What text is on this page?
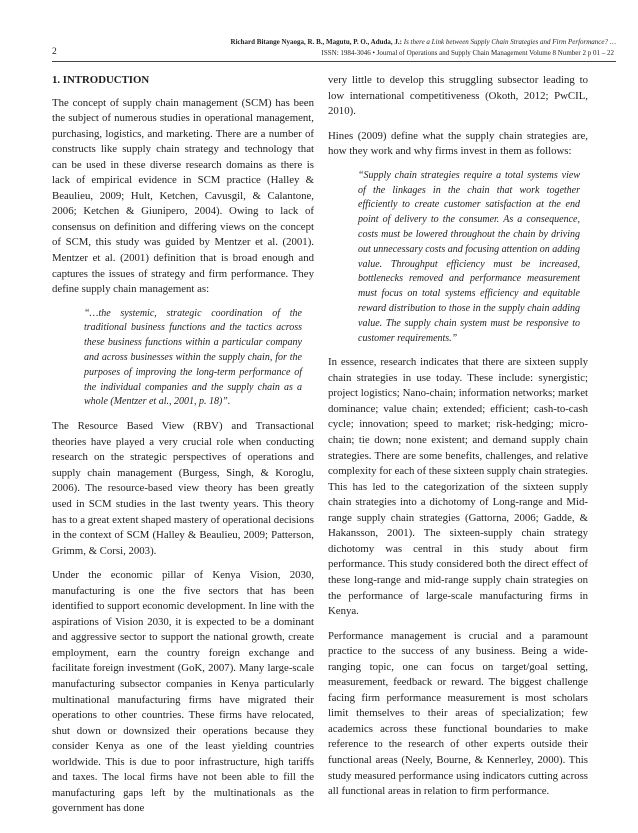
Richard Bitange Nyaoga, R. B., Magutu, P. O., Aduda, J.: Is there a Link between Supply Chain Strategies and Firm Performance? …
2	ISSN: 1984-3046 • Journal of Operations and Supply Chain Management Volume 8 Number 2 p 01 – 22
1. INTRODUCTION

The concept of supply chain management (SCM) has been the subject of numerous studies in operational management, purchasing, logistics, and marketing. There are a number of constructs like supply chain strategy and technology that can be used in these diverse research domains as there is lack of empirical evidence in SCM practice (Halley & Beaulieu, 2009; Hult, Ketchen, Cavusgil, & Calantone, 2006; Ketchen & Giunipero, 2004). Owing to lack of consensus on definition and differing views on the concept of SCM, this study was guided by Mentzer et al. (2001). Mentzer et al. (2001) definition that is broad enough and captures the issues of strategy and firm performance. They define supply chain management as:

“…the systemic, strategic coordination of the traditional business functions and the tactics across these business functions within a particular company and across businesses within the supply chain, for the purposes of improving the long-term performance of the individual companies and the supply chain as a whole (Mentzer et al., 2001, p. 18)”.

The Resource Based View (RBV) and Transactional theories have played a very crucial role when conducting research on the strategic perspectives of operations and supply chain management (Burgess, Singh, & Koroglu, 2006). The resource-based view theory has been greatly used in SCM studies in the last twenty years. This theory has to a great extent shaped mastery of operational decisions in the context of SCM (Halley & Beaulieu, 2009; Patterson, Grimm, & Corsi, 2003).

Under the economic pillar of Kenya Vision, 2030, manufacturing is one the five sectors that has been identified to support economic development. In line with the aspirations of Vision 2030, it is expected to be a dominant and aggressive sector to support the national growth, create employment, earn the country foreign exchange and facilitate foreign investment (GoK, 2007). Many large-scale manufacturing subsector companies in Kenya particularly multinational manufacturing firms have migrated their operations to other countries. These firms have relocated, shut down or downsized their operations because they consider Kenya as one of the least yielding countries worldwide. This is due to poor infrastructure, high tariffs and taxes. The local firms have not been able to fill the manufacturing gaps left by the multinationals as the government has done

very little to develop this struggling subsector leading to low international competitiveness (Okoth, 2012; PwCIL, 2010).

Hines (2009) define what the supply chain strategies are, how they work and why firms invest in them as follows:

“Supply chain strategies require a total systems view of the linkages in the chain that work together efficiently to create customer satisfaction at the end point of delivery to the consumer. As a consequence, costs must be lowered throughout the chain by driving out unnecessary costs and focusing attention on adding value. Throughput efficiency must be increased, bottlenecks removed and performance measurement must focus on total systems efficiency and equitable reward distribution to those in the supply chain adding value. The supply chain system must be responsive to customer requirements.”

In essence, research indicates that there are sixteen supply chain strategies in use today. These include: synergistic; project logistics; Nano-chain; information networks; market dominance; value chain; extended; efficient; cash-to-cash cycle; innovation; speed to market; risk-hedging; micro-chain; tie down; none existent; and demand supply chain strategies. There are some benefits, challenges, and relative complexity for each of these sixteen supply chain strategies. This has led to the categorization of the sixteen supply chain strategies into a dichotomy of Long-range and Mid-range supply chain strategies (Gattorna, 2006; Gadde, & Hakansson, 2001). The sixteen-supply chain strategy dichotomy was central in this study about firm performance. This study considered both the direct effect of these long-range and mid-range supply chain strategies on the performance of large-scale manufacturing firms in Kenya.

Performance management is crucial and a paramount practice to the success of any business. Being a wide-ranging topic, one can focus on target/goal setting, measurement, feedback or reward. The biggest challenge facing firm performance measurement is most scholars limit themselves to their areas of specialization; few academics across these functional boundaries to make reference to the research of other experts outside their functional areas (Neely, Bourne, & Kennerley, 2000). This study measured performance using indicators cutting across all functional areas in relation to firm performance.
